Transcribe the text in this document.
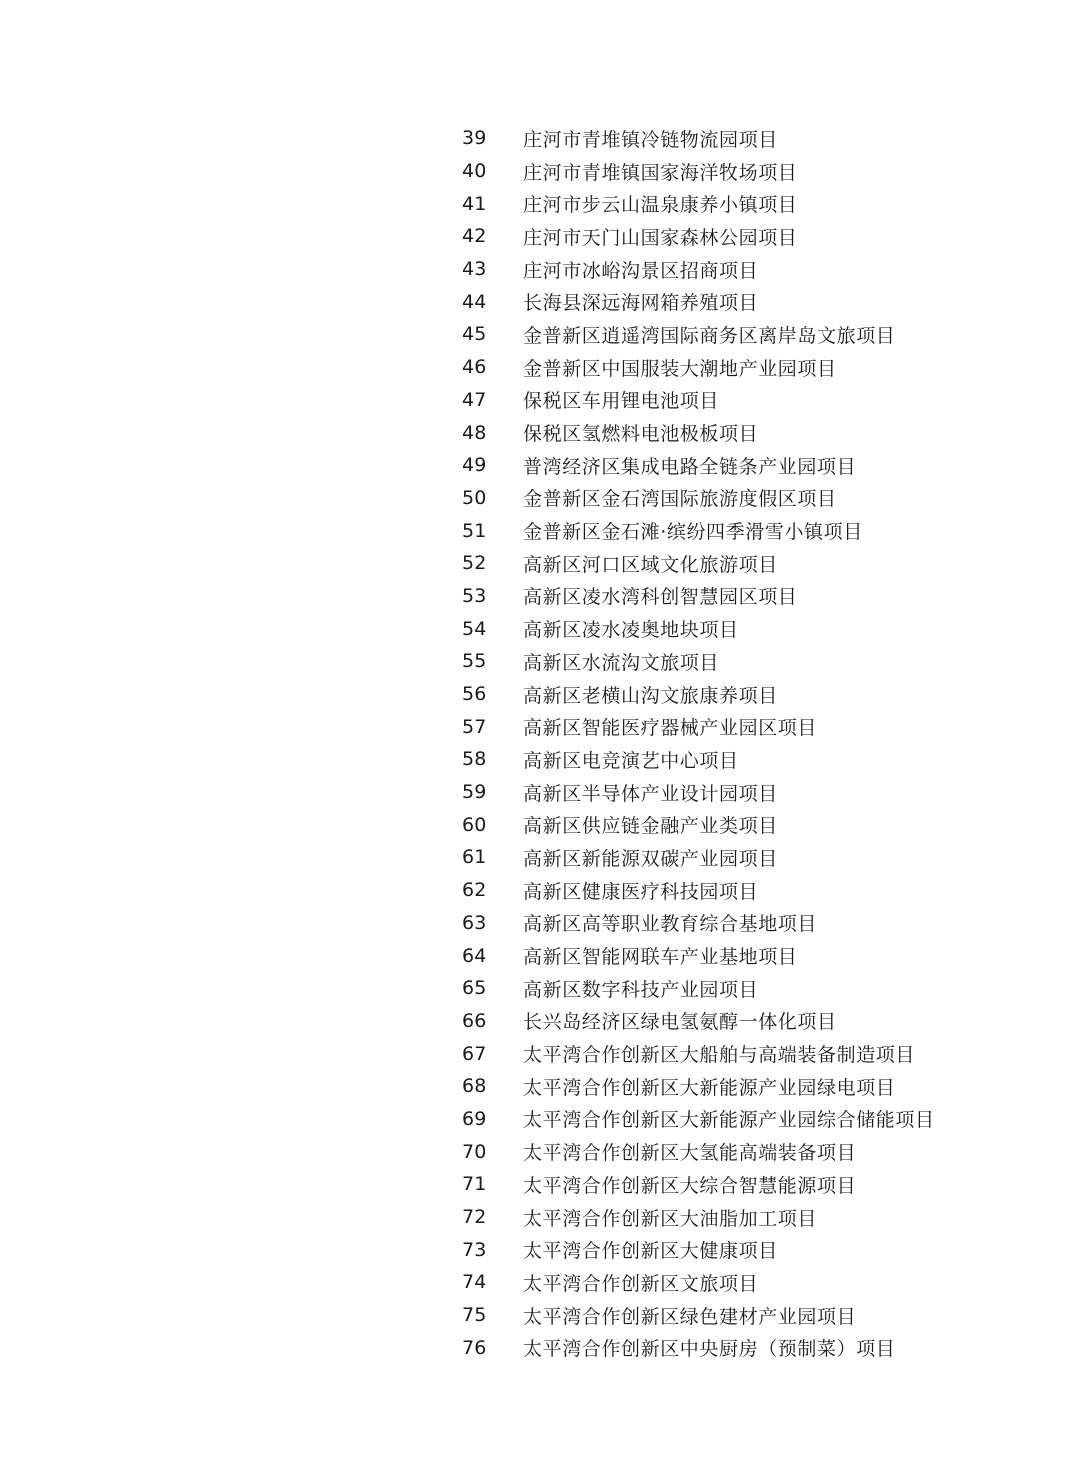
39	庄河市青堆镇冷链物流园项目
40	庄河市青堆镇国家海洋牧场项目
41	庄河市步云山温泉康养小镇项目
42	庄河市天门山国家森林公园项目
43	庄河市冰峪沟景区招商项目
44	长海县深远海网箱养殖项目
45	金普新区逍遥湾国际商务区离岸岛文旅项目
46	金普新区中国服装大潮地产业园项目
47	保税区车用锂电池项目
48	保税区氢燃料电池极板项目
49	普湾经济区集成电路全链条产业园项目
50	金普新区金石湾国际旅游度假区项目
51	金普新区金石滩·缤纷四季滑雪小镇项目
52	高新区河口区域文化旅游项目
53	高新区凌水湾科创智慧园区项目
54	高新区凌水凌奥地块项目
55	高新区水流沟文旅项目
56	高新区老横山沟文旅康养项目
57	高新区智能医疗器械产业园区项目
58	高新区电竞演艺中心项目
59	高新区半导体产业设计园项目
60	高新区供应链金融产业类项目
61	高新区新能源双碳产业园项目
62	高新区健康医疗科技园项目
63	高新区高等职业教育综合基地项目
64	高新区智能网联车产业基地项目
65	高新区数字科技产业园项目
66	长兴岛经济区绿电氢氨醇一体化项目
67	太平湾合作创新区大船舶与高端装备制造项目
68	太平湾合作创新区大新能源产业园绿电项目
69	太平湾合作创新区大新能源产业园综合储能项目
70	太平湾合作创新区大氢能高端装备项目
71	太平湾合作创新区大综合智慧能源项目
72	太平湾合作创新区大油脂加工项目
73	太平湾合作创新区大健康项目
74	太平湾合作创新区文旅项目
75	太平湾合作创新区绿色建材产业园项目
76	太平湾合作创新区中央厨房（预制菜）项目
